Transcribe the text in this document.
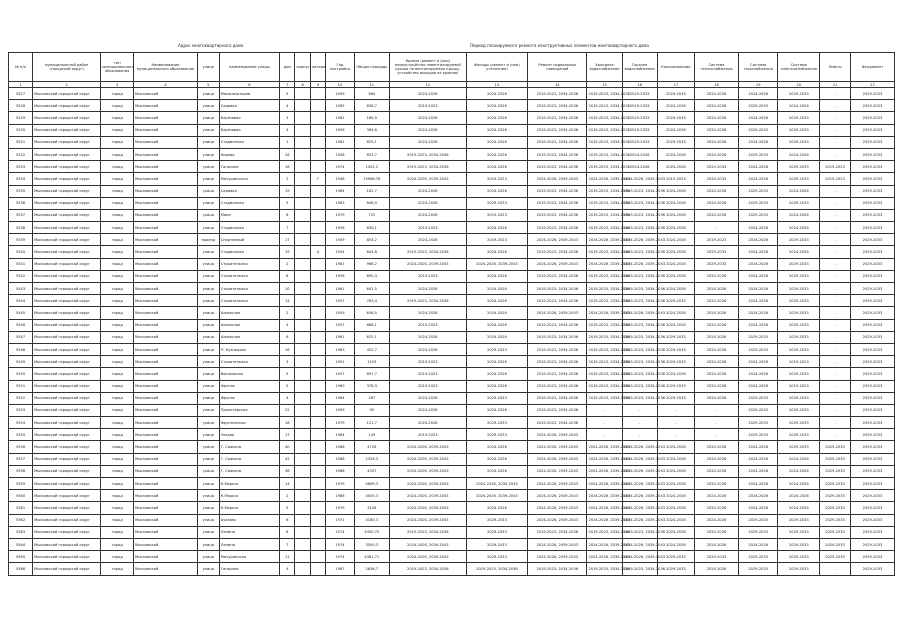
Адрес многоквартирного дома	Период планируемого ремонта конструктивных элементов многоквартирного дома
№ п/п	муниципальный район (городской округ)	тип муниципального образования	Наименование муниципального образования	улица	наименование улицы	дом	корпус	литера	Год постройки	Общая площадь	Кровля (ремонт и (или) переустройство невентилируемой крыши на вентилируемую крышу, устройство выходов на кровлю)	Фасады (ремонт и (или) утепление)	Ремонт подвальных помещений	Холодное водоснабжение	Горячее водоснабжение	Канализование	Система теплоснабжения	Система газоснабжения	Система электроснабжения	Лифты	Фундамент
1	2	3	4	5	6	7	8	9	10	11	12	13	14	15	16	17	18	19	20	21	22
5527	Мысковский городской округ	город	Мысковский	улица	Механизаторов	5			1959	564	2024-2026	2024-2026	2019-2023, 2034-2036	2019-2023, 2034-2036	2029-2033	2029-2033	2024-2026	2024-2026	2029-2033	-	2029-2033
5528	Мысковский городской округ	город	Мысковский	улица	Садовая	4			1965	636,7	2019-2023	2024-2026	2019-2023, 2034-2036	2019-2023, 2034-2036	2029-2033	2024-2026	2024-2026	2029-2033	2024-2026	-	2029-2033
5529	Мысковский городской округ	город	Мысковский	улица	Берёзовая	3			1962	186,9	2024-2026	2024-2026	2019-2023, 2034-2036	2019-2023, 2034-2036	2029-2033	2029-2033	2024-2026	2024-2026	2029-2033	-	2029-2033
5530	Мысковский городской округ	город	Мысковский	улица	Берёзовая	4			1956	364,6	2024-2026	2024-2026	2019-2023, 2034-2036	2019-2023, 2034-2036	2029-2033	2024-2026	2024-2026	2029-2033	2029-2033	-	2029-2033
5531	Мысковский городской округ	город	Мысковский	улица	Стадионная	1			1962	629,1	2024-2026	2024-2026	2019-2023, 2034-2036	2019-2023, 2034-2036	2029-2033	2029-2033	2024-2026	2024-2026	2029-2033	-	2029-2033
5532	Мысковский городской округ	город	Мысковский	улица	Кирова	26			1958	633,7	2019-2023, 2034-2036	2024-2026	2019-2023, 2034-2036	2019-2023, 2034-2036	2024-2026	2024-2026	2024-2026	2029-2033	2024-2026	-	2029-2033
5533	Мысковский городской округ	город	Мысковский	улица	Гагарина	16			1974	1402,2	2019-2023, 2034-2036	2024-2026	2019-2023, 2034-2036	2019-2023, 2034-2036	2024-2026	2024-2026	2029-2033	2024-2026	2029-2033	2019-2023	2029-2033
5534	Мысковский городской округ	город	Мысковский	улица	Мичуринского	2		Г	1946	15966,78	2024-2026, 2039-2043	2019-2023	2024-2026, 2039-2043	2024-2026, 2039-2043	2024-2026, 2039-2043	2019-2023	2029-2033	2024-2026	2029-2033	2019-2023	2029-2033
5535	Мысковский городской округ	город	Мысковский	улица	Садовая	19			1964	182,7	2024-2026	2024-2026	2019-2023, 2034-2036	2019-2023, 2034-2036	2019-2023, 2034-2036	2024-2026	2024-2026	2029-2033	2024-2026	-	2029-2033
5536	Мысковский городской округ	город	Мысковский	улица	Стадионная	5			1963	648,9	2024-2026	2029-2033	2019-2023, 2034-2036	2019-2023, 2034-2036	2019-2023, 2034-2036	2024-2026	2024-2026	2029-2033	2029-2033	-	2029-2033
5537	Мысковский городской округ	город	Мысковский	улица	Мира	6			1979	725	2024-2026	2019-2023	2019-2023, 2034-2036	2019-2023, 2034-2036	2019-2023, 2034-2036	2024-2026	2024-2026	2029-2033	2024-2026	-	2029-2033
5538	Мысковский городской округ	город	Мысковский	улица	Стадионная	7			1956	636,1	2019-2023	2024-2026	2019-2023, 2034-2036	2019-2023, 2034-2036	2019-2023, 2034-2036	2024-2026	-	2024-2026	2024-2026	-	2029-2033
5539	Мысковский городской округ	город	Мысковский	проезд	Спортивный	17			1959	854,2	2024-2026	2019-2023	2024-2026, 2039-2043	2024-2026, 2039-2043	2024-2026, 2039-2043	2024-2026	2019-2023	2024-2026	2029-2033	-	2029-2033
5540	Мысковский городской округ	город	Мысковский	улица	Стадионная	19		А	1954	644,8	2019-2023, 2034-2036	2024-2026	2019-2023, 2034-2036	2019-2023, 2034-2036	2019-2023, 2034-2036	2024-2026	2029-2033	2024-2026	2024-2026	-	2029-2033
5541	Мысковский городской округ	город	Мысковский	улица	Строительная	2			1987	966,2	2024-2026, 2039-2043	2024-2026, 2039-2043	2024-2026, 2039-2043	2024-2026, 2039-2043	2024-2026, 2039-2043	2024-2026	2029-2033	2024-2026	2029-2033	-	2029-2033
5542	Мысковский городской округ	город	Мысковский	улица	Строительная	8			1956	890,3	2019-2023	2024-2026	2019-2023, 2034-2036	2019-2023, 2034-2036	2019-2023, 2034-2036	2024-2026	2024-2026	2024-2026	2029-2033	-	2029-2033
5543	Мысковский городской округ	город	Мысковский	улица	Строительная	10			1961	641,5	2024-2026	2024-2026	2019-2023, 2034-2036	2019-2023, 2034-2036	2019-2023, 2034-2036	2024-2026	2024-2026	2024-2026	2029-2033	-	2029-2033
5544	Мысковский городской округ	город	Мысковский	улица	Строительная	14			1957	783,4	2019-2023, 2034-2036	2024-2026	2019-2023, 2034-2036	2019-2023, 2034-2036	2019-2023, 2034-2036	2029-2033	2024-2026	2024-2026	2029-2033	-	2029-2033
5545	Мысковский городской округ	город	Мысковский	улица	Школьная	2			1959	636,5	2024-2026	2024-2026	2024-2026, 2039-2043	2024-2026, 2039-2043	2024-2026, 2039-2043	2024-2026	2024-2026	2024-2026	2029-2033	-	2029-2033
5546	Мысковский городской округ	город	Мысковский	улица	Школьная	4			1957	688,1	2019-2023	2024-2026	2019-2023, 2034-2036	2019-2023, 2034-2036	2019-2023, 2034-2036	2024-2026	2024-2026	2024-2026	2029-2033	-	2029-2033
5547	Мысковский городской округ	город	Мысковский	улица	Школьная	6			1961	625,1	2024-2026	2024-2026	2019-2023, 2034-2036	2019-2023, 2034-2036	2019-2023, 2034-2036	2029-2033	2024-2026	2029-2033	2029-2033	-	2029-2033
5548	Мысковский городской округ	город	Мысковский	улица	П. Кузнецова	16			1983	452,7	2024-2026	2029-2033	2019-2023, 2034-2036	2019-2023, 2034-2036	2019-2023, 2034-2036	2029-2033	2024-2026	2029-2033	2029-2033	-	2029-2033
5549	Мысковский городской округ	город	Мысковский	улица	Строительная	3			1951	1193	2019-2023	2024-2026	2019-2023, 2034-2036	2019-2023, 2034-2036	2019-2023, 2034-2036	2029-2033	2024-2026	2024-2026	2019-2023	-	2029-2033
5550	Мысковский городской округ	город	Мысковский	улица	Вокзальная	5			1957	897,7	2019-2023	2024-2026	2019-2023, 2034-2036	2019-2023, 2034-2036	2019-2023, 2034-2036	2024-2026	2024-2026	2024-2026	2029-2033	-	2029-2033
5551	Мысковский городской округ	город	Мысковский	улица	Фрунзе	5			1960	378,3	2019-2023	2024-2026	2019-2023, 2034-2036	2019-2023, 2034-2036	2019-2023, 2034-2036	2029-2033	2024-2026	2024-2026	2019-2023	-	2029-2033
5552	Мысковский городской округ	город	Мысковский	улица	Фрунзе	4			1964	287	2024-2026	2029-2033	2019-2023, 2034-2036	2019-2023, 2034-2036	2019-2023, 2034-2036	2029-2033	2024-2026	2029-2033	2029-2033	-	2029-2033
5553	Мысковский городской округ	город	Мысковский	улица	Пролетарская	22			1959	90	2024-2026	2024-2026	2019-2023, 2034-2036	-	-	-	-	2029-2033	2029-2033	-	2029-2033
5554	Мысковский городской округ	город	Мысковский	улица	Фрунзенская	18			1979	121,7	2024-2026	2029-2033	2019-2023, 2034-2036	-	-	-	-	2029-2033	2029-2033	-	2029-2033
5555	Мысковский городской округ	город	Мысковский	улица	Чехова	17			1964	149	2019-2023	2029-2033	2024-2026, 2039-2043	-	-	-	-	2029-2033	2029-2033	-	2029-2033
5556	Мысковский городской округ	город	Мысковский	улица	Г. Саакяна	40			1986	4726	2024-2026, 2039-2043	2024-2026	2024-2026, 2039-2043	2024-2026, 2039-2043	2024-2026, 2039-2043	2024-2026	2024-2026	2024-2026	2029-2033	2029-2033	2029-2033
5557	Мысковский городской округ	город	Мысковский	улица	Г. Саакяна	42			1986	2328,3	2024-2026, 2039-2043	2024-2026	2024-2026, 2039-2043	2024-2026, 2039-2043	2024-2026, 2039-2043	2024-2026	2024-2026	2024-2026	2024-2026	2029-2033	2029-2033
5558	Мысковский городской округ	город	Мысковский	улица	Г. Саакяна	36			1986	4337	2024-2026, 2039-2043	2024-2026	2024-2026, 2039-2043	2024-2026, 2039-2043	2024-2026, 2039-2043	2024-2026	2024-2026	2024-2026	2024-2026	2029-2033	2029-2033
5559	Мысковский городской округ	город	Мысковский	улица	К.Маркса	14			1979	4869,3	2024-2026, 2039-2043	2024-2026, 2039-2043	2024-2026, 2039-2043	2024-2026, 2039-2043	2024-2026, 2039-2043	2024-2026	2024-2026	2024-2026	2024-2026	2029-2033	2029-2033
5560	Мысковский городской округ	город	Мысковский	улица	К.Маркса	2			1986	4505,3	2024-2026, 2039-2043	2024-2026, 2039-2043	2024-2026, 2039-2043	2024-2026, 2039-2043	2024-2026, 2039-2043	2024-2026	2024-2026	2024-2026	2024-2026	2029-2033	2029-2033
5561	Мысковский городской округ	город	Мысковский	улица	К.Маркса	5			1979	3156	2024-2026, 2039-2043	2024-2026	2024-2026, 2039-2043	2024-2026, 2039-2043	2024-2026, 2039-2043	2024-2026	2024-2026	2024-2026	2024-2026	2029-2033	2029-2033
5562	Мысковский городской округ	город	Мысковский	улица	Ауэзова	6			1971	4180,3	2024-2026, 2039-2043	2029-2033	2024-2026, 2039-2043	2024-2026, 2039-2043	2024-2026, 2039-2043	2024-2026	2024-2026	2029-2033	2029-2033	2029-2033	2029-2033
5563	Мысковский городской округ	город	Мысковский	улица	Ленина	6			1974	4450,75	2019-2023, 2034-2036	2029-2033	2019-2023, 2034-2036	2019-2023, 2034-2036	2019-2023, 2034-2036	2024-2026	2024-2026	2029-2033	2029-2033	2029-2033	2029-2033
5564	Мысковский городской округ	город	Мысковский	улица	Ленина	7			1974	3550,3	2024-2026, 2039-2043	2029-2033	2024-2026, 2039-2043	2024-2026, 2039-2043	2024-2026, 2039-2043	2024-2026	2024-2026	2024-2026	2029-2033	2029-2033	2029-2033
5565	Мысковский городской округ	город	Мысковский	улица	Мичуринская	11			1974	4381,71	2024-2026, 2039-2043	2029-2033	2024-2026, 2039-2043	2024-2026, 2039-2043	2024-2026, 2039-2043	2029-2033	2029-2033	2029-2033	2029-2033	2029-2033	2029-2033
5566	Мысковский городской округ	город	Мысковский	улица	Гагарина	4			1987	2636,7	2019-2023, 2034-2036	2019-2023, 2034-2036	2019-2023, 2034-2036	2019-2023, 2034-2036	2019-2023, 2034-2036	2029-2033	2024-2026	2029-2033	2029-2033	-	2029-2033
